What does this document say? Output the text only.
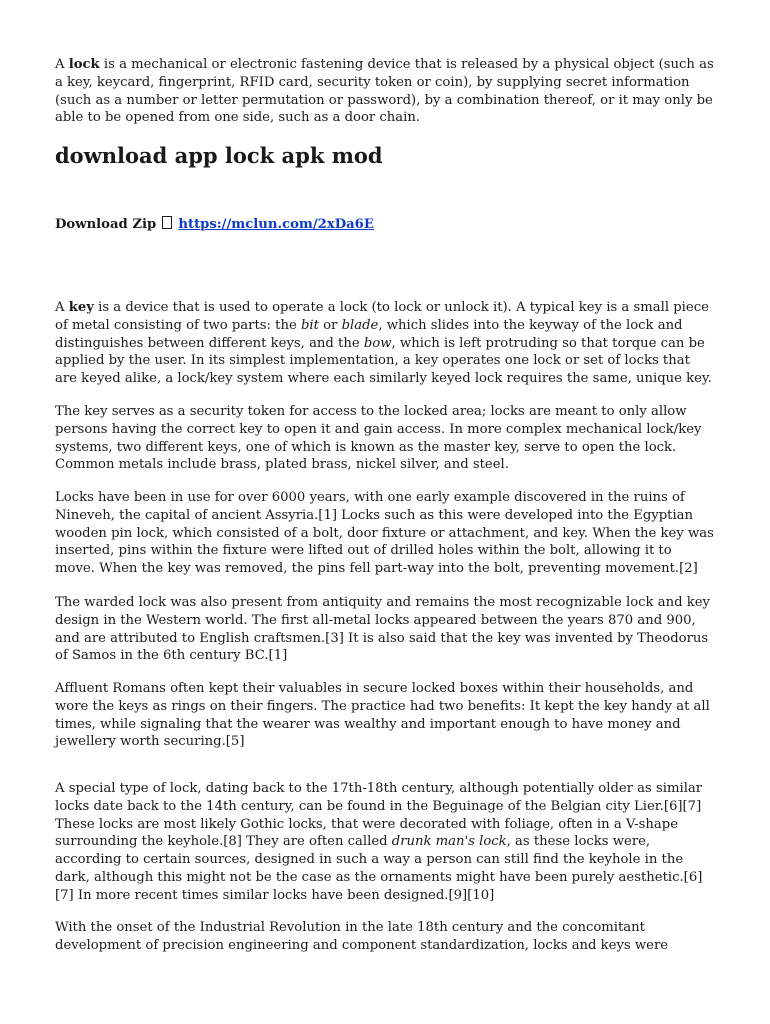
A lock is a mechanical or electronic fastening device that is released by a physical object (such as a key, keycard, fingerprint, RFID card, security token or coin), by supplying secret information (such as a number or letter permutation or password), by a combination thereof, or it may only be able to be opened from one side, such as a door chain.

download app lock apk mod

Download Zip https://mclun.com/2xDa6E

A key is a device that is used to operate a lock (to lock or unlock it). A typical key is a small piece of metal consisting of two parts: the bit or blade, which slides into the keyway of the lock and distinguishes between different keys, and the bow, which is left protruding so that torque can be applied by the user. In its simplest implementation, a key operates one lock or set of locks that are keyed alike, a lock/key system where each similarly keyed lock requires the same, unique key.

The key serves as a security token for access to the locked area; locks are meant to only allow persons having the correct key to open it and gain access. In more complex mechanical lock/key systems, two different keys, one of which is known as the master key, serve to open the lock. Common metals include brass, plated brass, nickel silver, and steel.

Locks have been in use for over 6000 years, with one early example discovered in the ruins of Nineveh, the capital of ancient Assyria.[1] Locks such as this were developed into the Egyptian wooden pin lock, which consisted of a bolt, door fixture or attachment, and key. When the key was inserted, pins within the fixture were lifted out of drilled holes within the bolt, allowing it to move. When the key was removed, the pins fell part-way into the bolt, preventing movement.[2]

The warded lock was also present from antiquity and remains the most recognizable lock and key design in the Western world. The first all-metal locks appeared between the years 870 and 900, and are attributed to English craftsmen.[3] It is also said that the key was invented by Theodorus of Samos in the 6th century BC.[1]

Affluent Romans often kept their valuables in secure locked boxes within their households, and wore the keys as rings on their fingers. The practice had two benefits: It kept the key handy at all times, while signaling that the wearer was wealthy and important enough to have money and jewellery worth securing.[5]

A special type of lock, dating back to the 17th-18th century, although potentially older as similar locks date back to the 14th century, can be found in the Beguinage of the Belgian city Lier.[6][7] These locks are most likely Gothic locks, that were decorated with foliage, often in a V-shape surrounding the keyhole.[8] They are often called drunk man's lock, as these locks were, according to certain sources, designed in such a way a person can still find the keyhole in the dark, although this might not be the case as the ornaments might have been purely aesthetic.[6][7] In more recent times similar locks have been designed.[9][10]

With the onset of the Industrial Revolution in the late 18th century and the concomitant development of precision engineering and component standardization, locks and keys were
